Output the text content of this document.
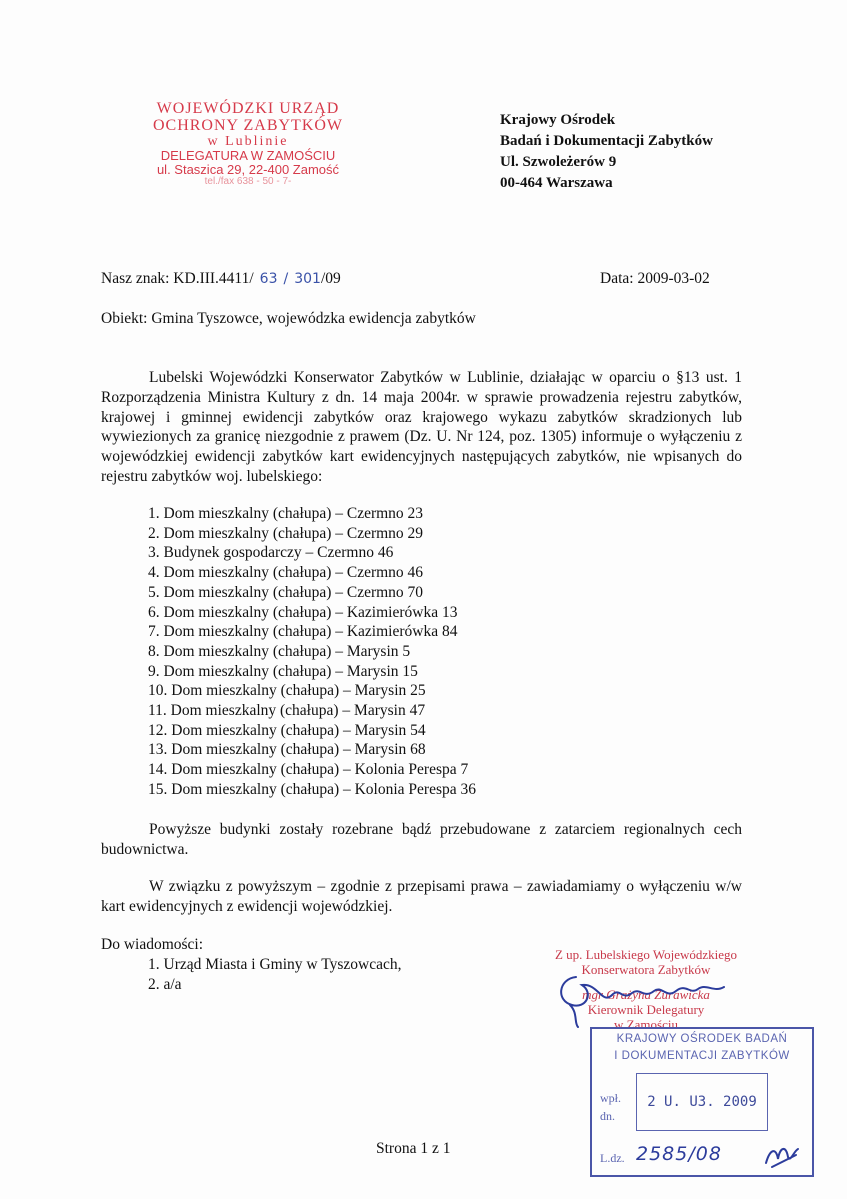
WOJEWÓDZKI URZĄD
OCHRONY ZABYTKÓW
w Lublinie
DELEGATURA W ZAMOŚCIU
ul. Staszica 29, 22-400 Zamość
tel./fax 638 - 50 - 7-
Krajowy Ośrodek
Badań i Dokumentacji Zabytków
Ul. Szwoleżerów 9
00-464 Warszawa
Nasz znak: KD.III.4411/ 63 / 301/09	Data: 2009-03-02
Obiekt: Gmina Tyszowce, wojewódzka ewidencja zabytków
Lubelski Wojewódzki Konserwator Zabytków w Lublinie, działając w oparciu o §13 ust. 1 Rozporządzenia Ministra Kultury z dn. 14 maja 2004r. w sprawie prowadzenia rejestru zabytków, krajowej i gminnej ewidencji zabytków oraz krajowego wykazu zabytków skradzionych lub wywiezionych za granicę niezgodnie z prawem (Dz. U. Nr 124, poz. 1305) informuje o wyłączeniu z wojewódzkiej ewidencji zabytków kart ewidencyjnych następujących zabytków, nie wpisanych do rejestru zabytków woj. lubelskiego:
1. Dom mieszkalny (chałupa) – Czermno 23
2. Dom mieszkalny (chałupa) – Czermno 29
3. Budynek gospodarczy – Czermno 46
4. Dom mieszkalny (chałupa) – Czermno 46
5. Dom mieszkalny (chałupa) – Czermno 70
6. Dom mieszkalny (chałupa) – Kazimierówka 13
7. Dom mieszkalny (chałupa) – Kazimierówka 84
8. Dom mieszkalny (chałupa) – Marysin 5
9. Dom mieszkalny (chałupa) – Marysin 15
10. Dom mieszkalny (chałupa) – Marysin 25
11. Dom mieszkalny (chałupa) – Marysin 47
12. Dom mieszkalny (chałupa) – Marysin 54
13. Dom mieszkalny (chałupa) – Marysin 68
14. Dom mieszkalny (chałupa) – Kolonia Perespa 7
15. Dom mieszkalny (chałupa) – Kolonia Perespa 36
Powyższe budynki zostały rozebrane bądź przebudowane z zatarciem regionalnych cech budownictwa.
W związku z powyższym – zgodnie z przepisami prawa – zawiadamiamy o wyłączeniu w/w kart ewidencyjnych z ewidencji wojewódzkiej.
Do wiadomości:
1. Urząd Miasta i Gminy w Tyszowcach,
2. a/a
Z up. Lubelskiego Wojewódzkiego
Konserwatora Zabytków
mgr Grażyna Żurawicka
Kierownik Delegatury
w Zamościu
KRAJOWY OŚRODEK BADAŃ
I DOKUMENTACJI ZABYTKÓW
wpł.
dn.
2 U. U3. 2009
L.dz. 2585/08
Strona 1 z 1
